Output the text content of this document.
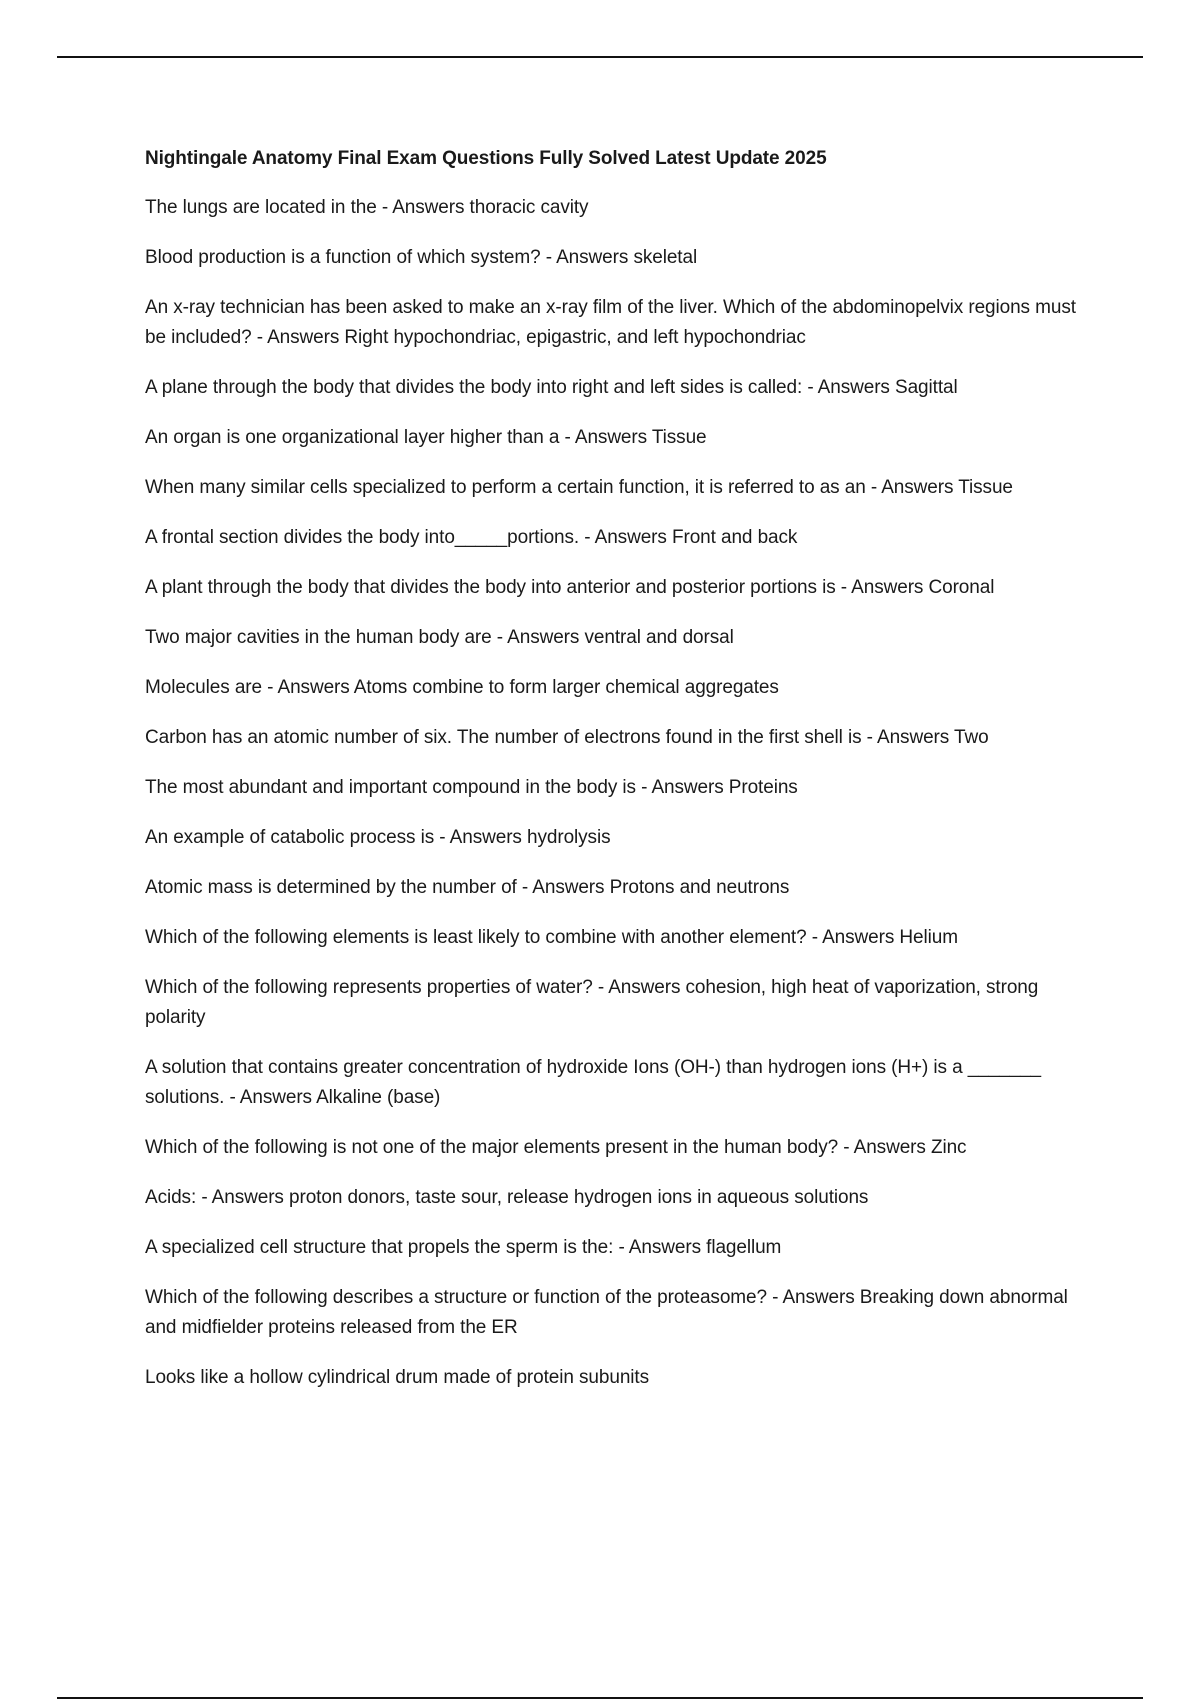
Nightingale Anatomy Final Exam Questions Fully Solved Latest Update 2025
The lungs are located in the - Answers thoracic cavity
Blood production is a function of which system? - Answers skeletal
An x-ray technician has been asked to make an x-ray film of the liver. Which of the abdominopelvix regions must be included? - Answers Right hypochondriac, epigastric, and left hypochondriac
A plane through the body that divides the body into right and left sides is called: - Answers Sagittal
An organ is one organizational layer higher than a - Answers Tissue
When many similar cells specialized to perform a certain function, it is referred to as an - Answers Tissue
A frontal section divides the body into_____portions. - Answers Front and back
A plant through the body that divides the body into anterior and posterior portions is - Answers Coronal
Two major cavities in the human body are - Answers ventral and dorsal
Molecules are - Answers Atoms combine to form larger chemical aggregates
Carbon has an atomic number of six. The number of electrons found in the first shell is - Answers Two
The most abundant and important compound in the body is - Answers Proteins
An example of catabolic process is - Answers hydrolysis
Atomic mass is determined by the number of - Answers Protons and neutrons
Which of the following elements is least likely to combine with another element? - Answers Helium
Which of the following represents properties of water? - Answers cohesion, high heat of vaporization, strong polarity
A solution that contains greater concentration of hydroxide Ions (OH-) than hydrogen ions (H+) is a _______ solutions. - Answers Alkaline (base)
Which of the following is not one of the major elements present in the human body? - Answers Zinc
Acids: - Answers proton donors, taste sour, release hydrogen ions in aqueous solutions
A specialized cell structure that propels the sperm is the: - Answers flagellum
Which of the following describes a structure or function of the proteasome? - Answers Breaking down abnormal and midfielder proteins released from the ER
Looks like a hollow cylindrical drum made of protein subunits
